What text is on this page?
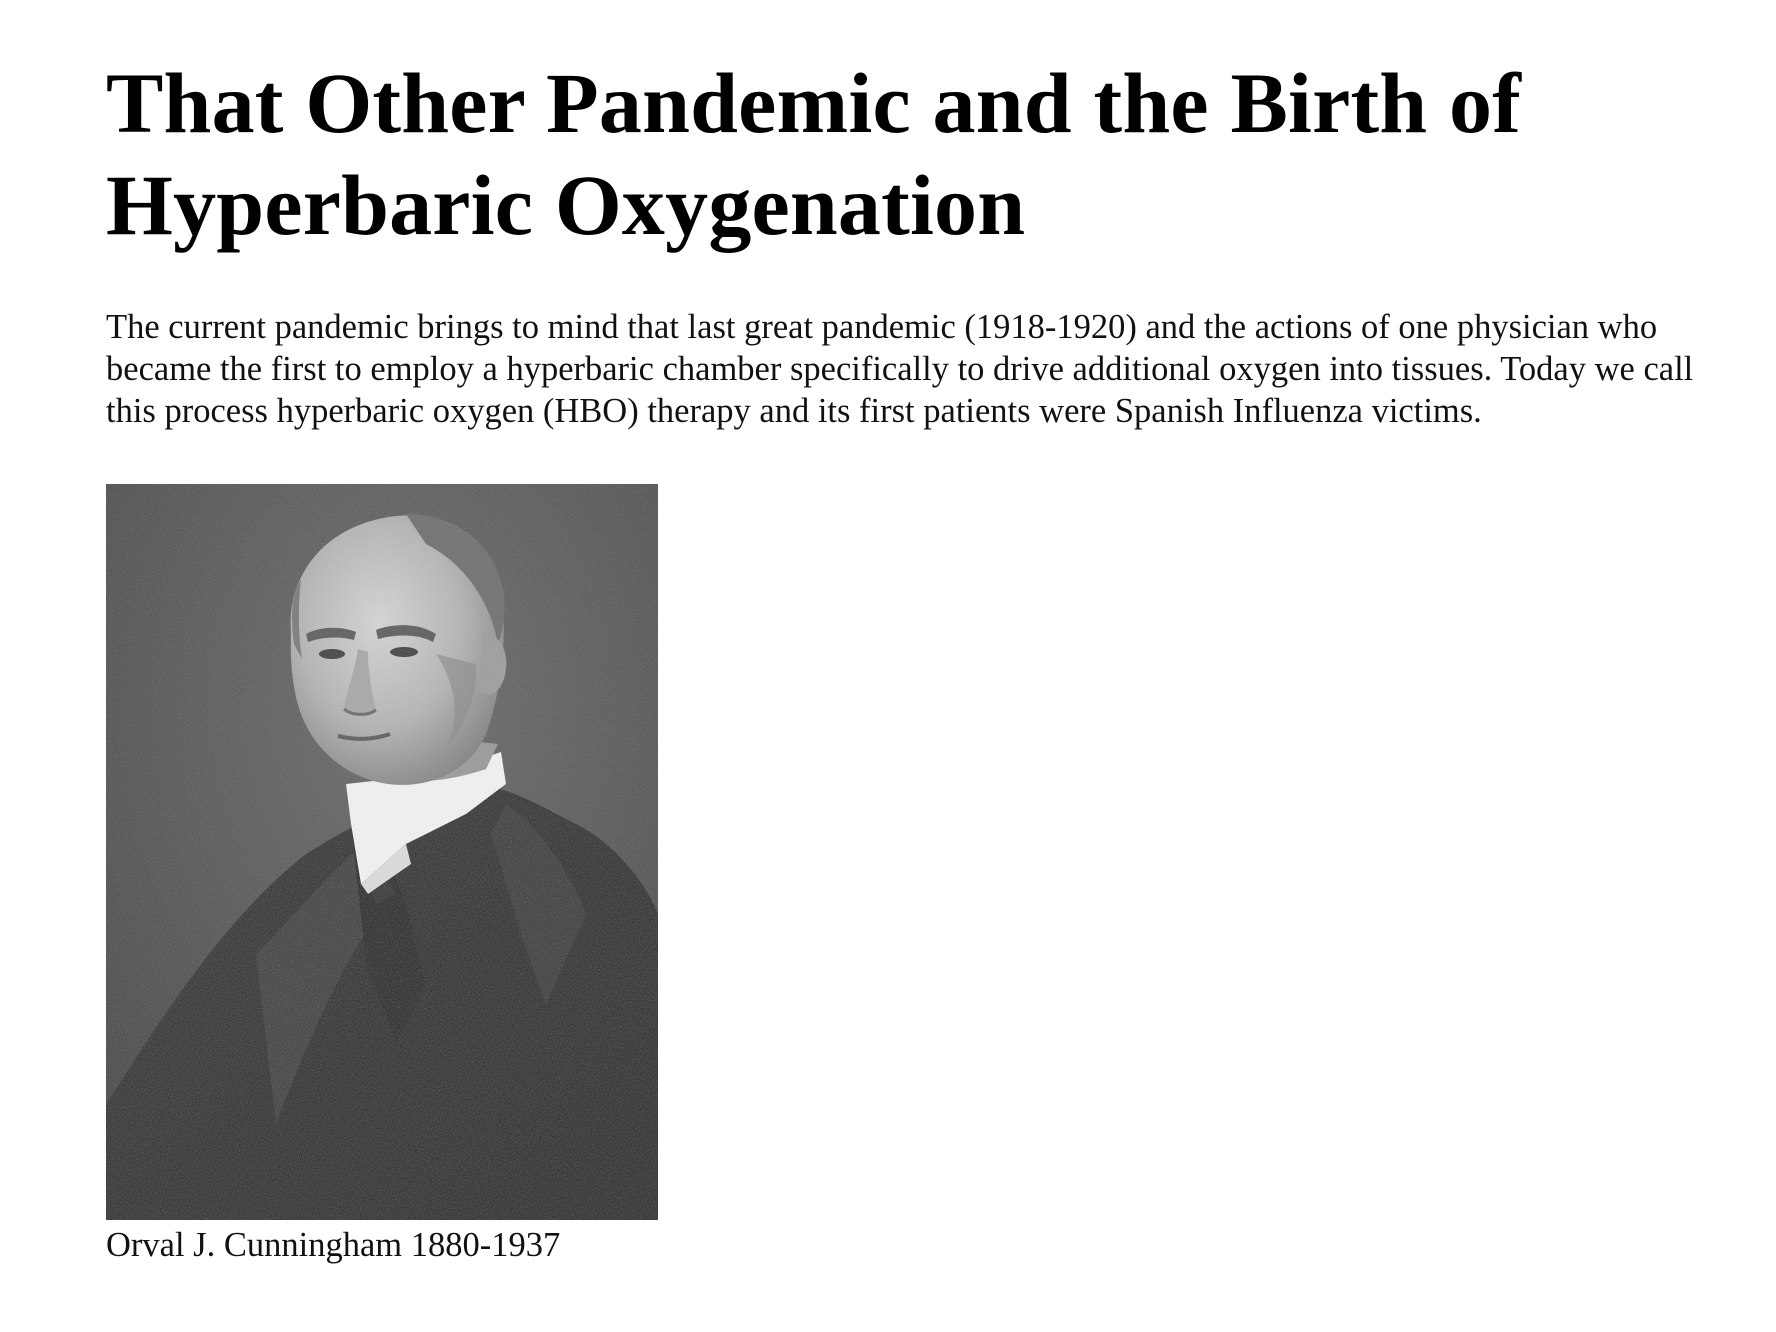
That Other Pandemic and the Birth of
Hyperbaric Oxygenation

The current pandemic brings to mind that last great pandemic (1918-1920) and the actions of one physician who became the first to employ a hyperbaric chamber specifically to drive additional oxygen into tissues. Today we call this process hyperbaric oxygen (HBO) therapy and its first patients were Spanish Influenza victims.

Orval J. Cunningham 1880-1937
